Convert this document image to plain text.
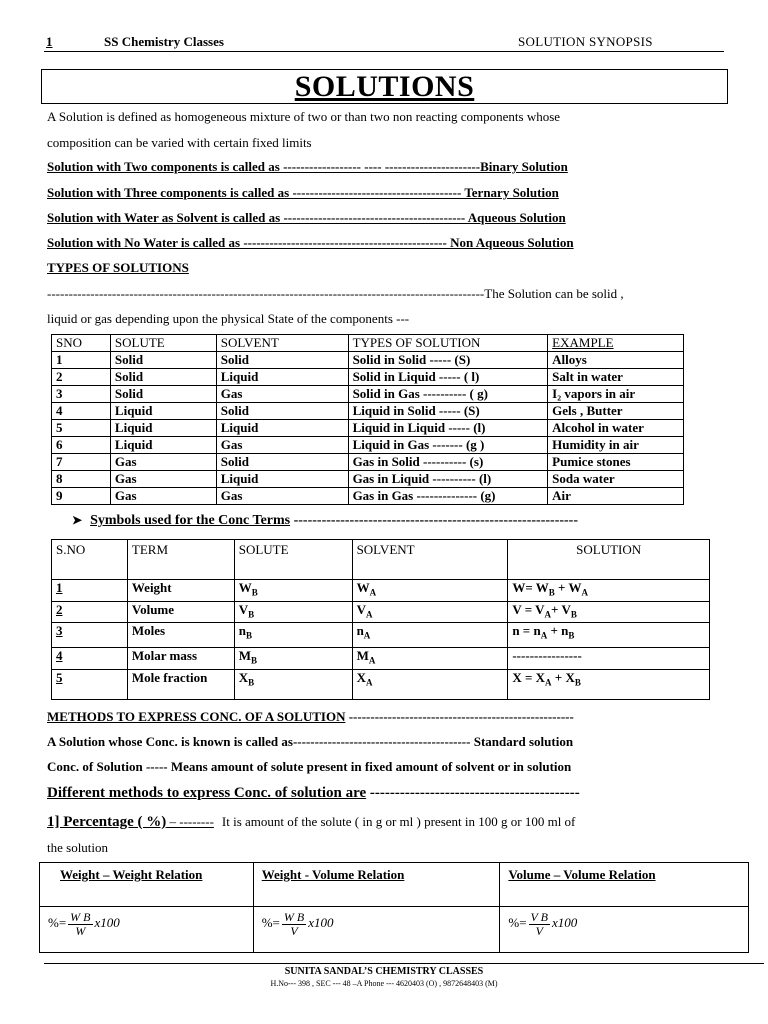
1	SS Chemistry Classes	SOLUTION SYNOPSIS
SOLUTIONS
A Solution is defined as homogeneous mixture of two or than two non reacting components whose
composition can be varied with certain fixed limits
Solution with Two components is called as ------------------ ---- ----------------------Binary Solution
Solution with Three components is called as --------------------------------------- Ternary Solution
Solution with Water as Solvent is called as ------------------------------------------ Aqueous Solution
Solution with No Water is called as ----------------------------------------------- Non Aqueous Solution
TYPES OF SOLUTIONS
-----------------------------------------------------------------------------------------------------The Solution can be solid ,
liquid or gas depending upon the physical State of the components ---
SNO	SOLUTE	SOLVENT	TYPES OF SOLUTION	EXAMPLE
1	Solid	Solid	Solid in Solid ----- (S)	Alloys
2	Solid	Liquid	Solid in Liquid ----- ( l)	Salt in water
3	Solid	Gas	Solid in Gas ---------- ( g)	I₂ vapors in air
4	Liquid	Solid	Liquid in Solid ----- (S)	Gels , Butter
5	Liquid	Liquid	Liquid in Liquid ----- (l)	Alcohol in water
6	Liquid	Gas	Liquid in Gas ------- (g )	Humidity in air
7	Gas	Solid	Gas in Solid ---------- (s)	Pumice stones
8	Gas	Liquid	Gas in Liquid ---------- (l)	Soda water
9	Gas	Gas	Gas in Gas -------------- (g)	Air
➤ Symbols used for the Conc Terms -------------------------------------------------------------
S.NO	TERM	SOLUTE	SOLVENT	SOLUTION
1	Weight	$W_B$	$W_A$	$W= W_B + W_A$
2	Volume	$V_B$	$V_A$	$V = V_A+ V_B$
3	Moles	$n_B$	$n_A$	$n = n_A + n_B$
4	Molar mass	$M_B$	$M_A$	----------------
5	Mole fraction	$X_B$	$X_A$	$X = X_A + X_B$
METHODS TO EXPRESS CONC. OF A SOLUTION ----------------------------------------------------
A Solution whose Conc. is known is called as----------------------------------------- Standard solution
Conc. of Solution ----- Means amount of solute present in fixed amount of solvent or in solution
Different methods to express Conc. of solution are ------------------------------------------
1] Percentage ( %) – -------- It is amount of the solute ( in g or ml ) present in 100 g or 100 ml of
the solution
Weight – Weight Relation	Weight - Volume Relation	Volume – Volume Relation
%= $\frac{\text{W B}}{W} x100$	%= $\frac{\text{W B}}{V} x100$	%= $\frac{\text{V B}}{V} x100$
SUNITA SANDAL’S CHEMISTRY CLASSES
H.No--- 398 , SEC --- 48 –A Phone --- 4620403 (O) , 9872648403 (M)
